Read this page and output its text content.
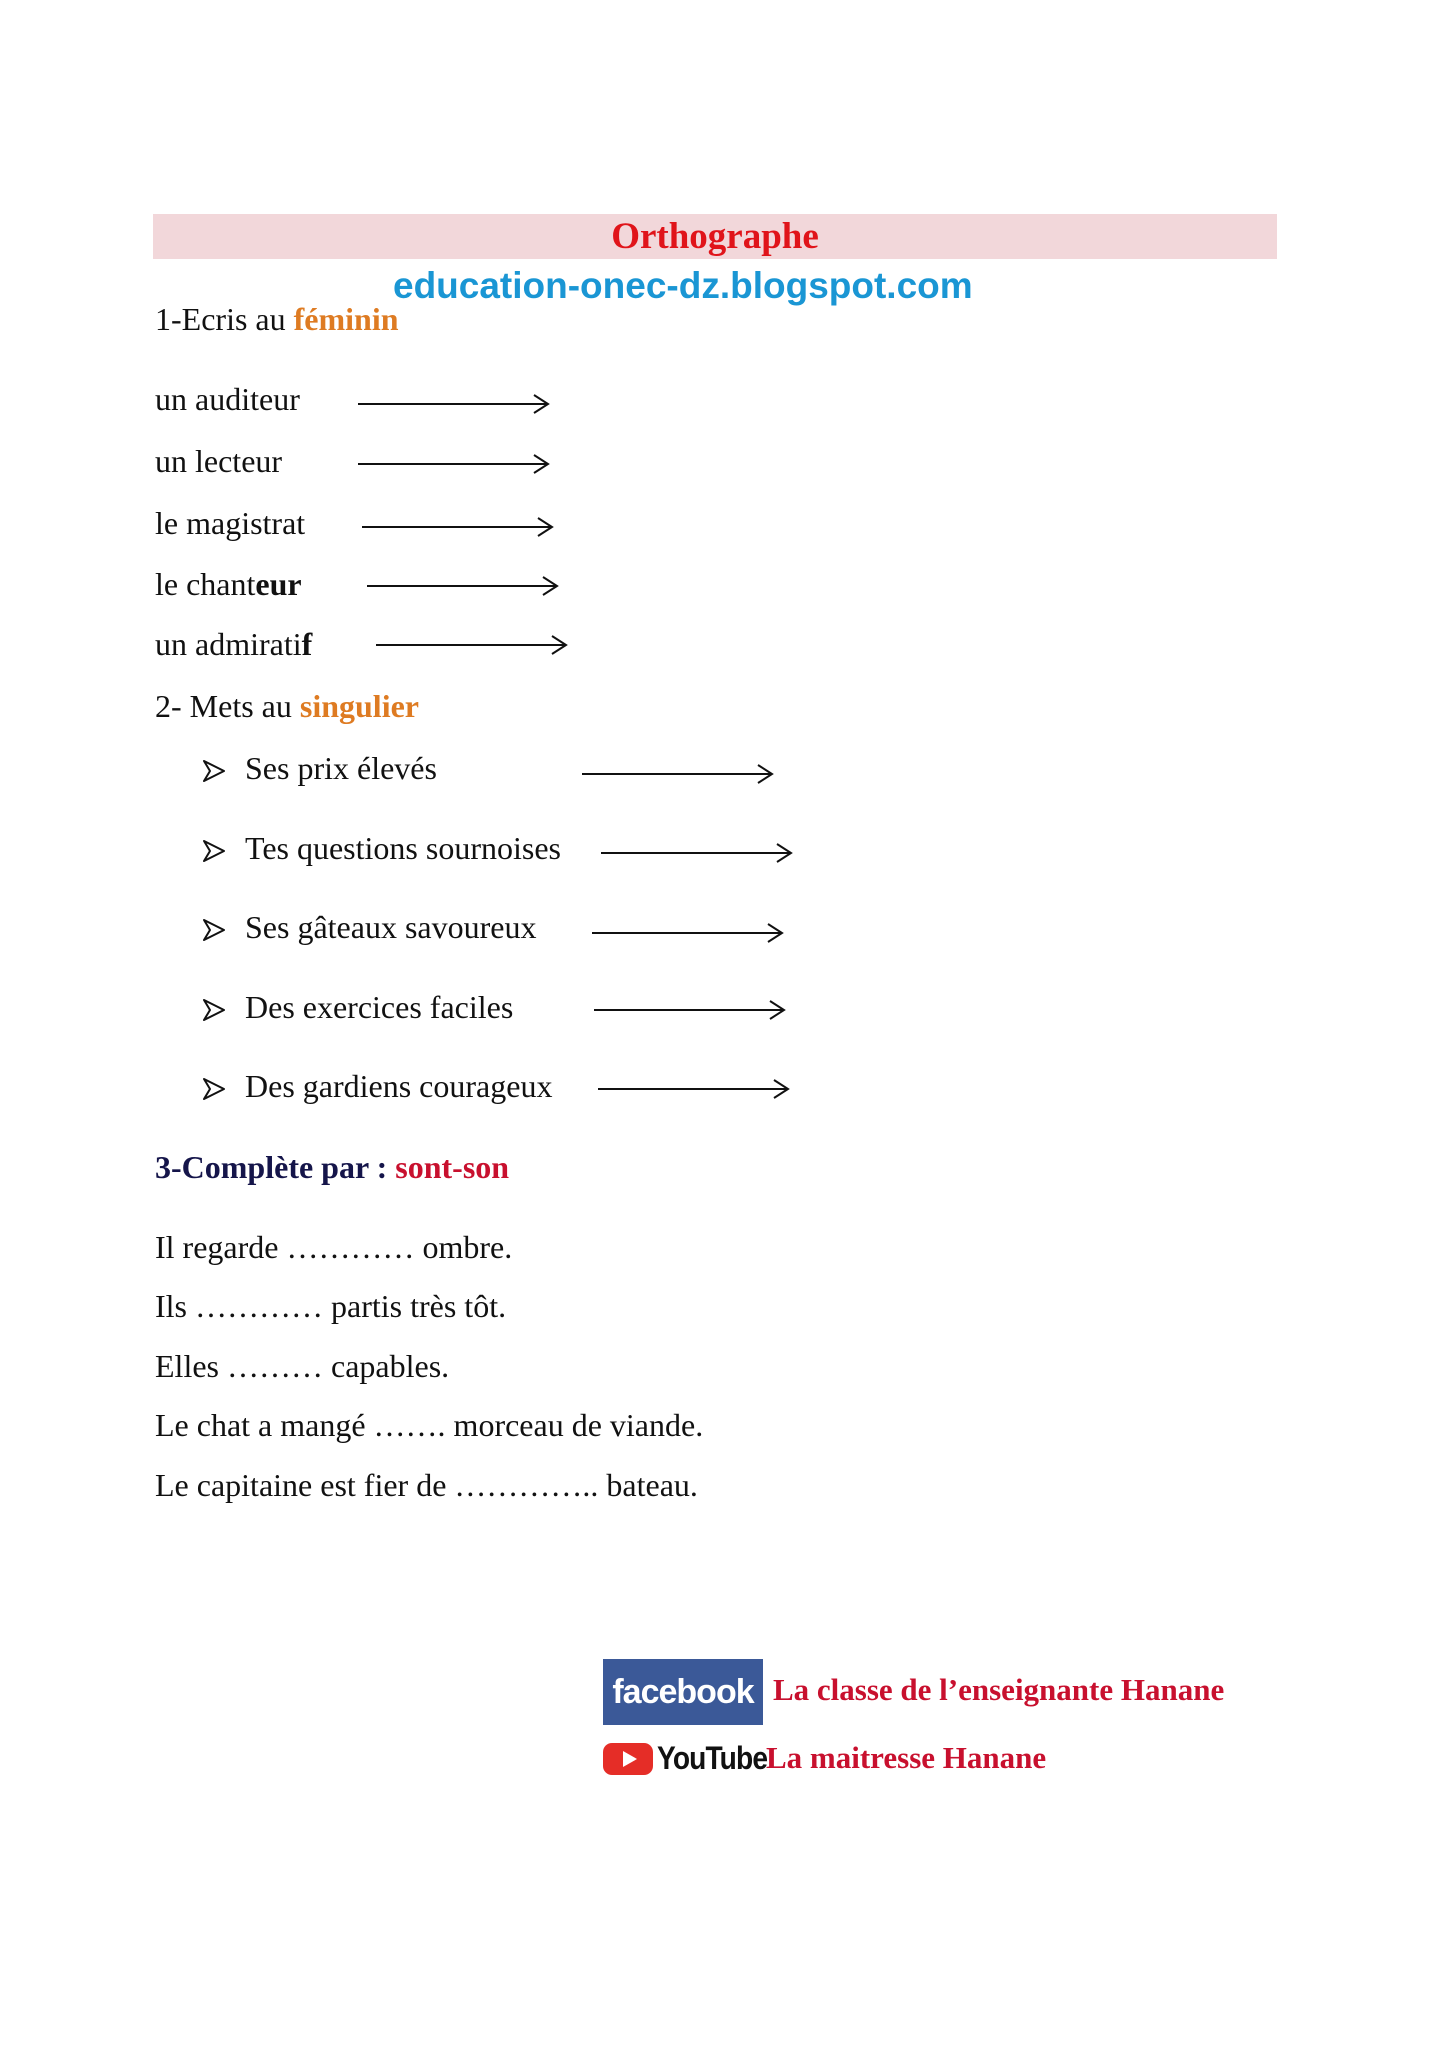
Orthographe
education-onec-dz.blogspot.com
1-Ecris au féminin
un auditeur
un lecteur
le magistrat
le chanteur
un admiratif
2- Mets au singulier
Ses prix élevés
Tes questions sournoises
Ses gâteaux savoureux
Des exercices faciles
Des gardiens courageux
3-Complète par : sont-son
Il regarde ………… ombre.
Ils ………… partis très tôt.
Elles ……… capables.
Le chat a mangé ……. morceau de viande.
Le capitaine est fier de ………….. bateau.
facebook La classe de l’enseignante Hanane
YouTube
La maitresse Hanane
